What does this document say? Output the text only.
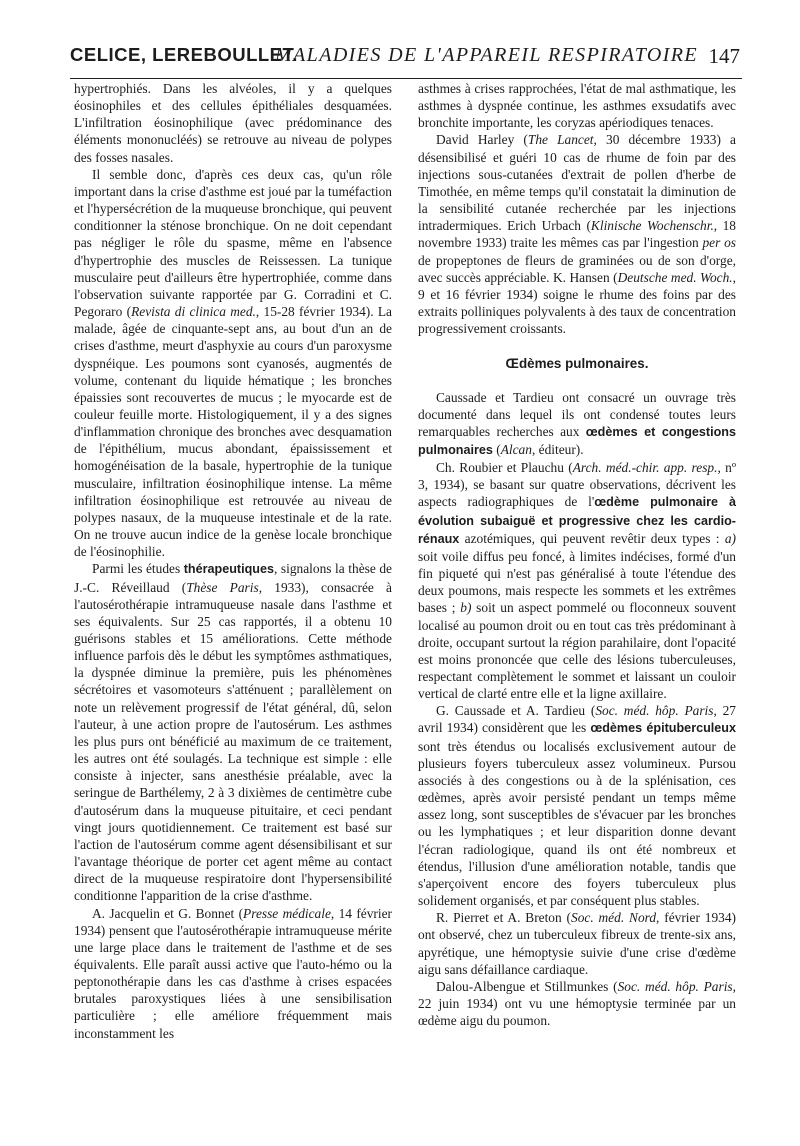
CELICE, LEREBOULLET.
MALADIES DE L'APPAREIL RESPIRATOIRE 147

hypertrophiés. Dans les alvéoles, il y a quelques éosinophiles et des cellules épithéliales desquamées. L'infiltration éosinophilique (avec prédominance des éléments mononucléés) se retrouve au niveau de polypes des fosses nasales.

Il semble donc, d'après ces deux cas, qu'un rôle important dans la crise d'asthme est joué par la tuméfaction et l'hypersécrétion de la muqueuse bronchique, qui peuvent conditionner la sténose bronchique. On ne doit cependant pas négliger le rôle du spasme, même en l'absence d'hypertrophie des muscles de Reissessen. La tunique musculaire peut d'ailleurs être hypertrophiée, comme dans l'observation suivante rapportée par G. Corradini et C. Pegoraro (Revista di clinica med., 15-28 février 1934). La malade, âgée de cinquante-sept ans, au bout d'un an de crises d'asthme, meurt d'asphyxie au cours d'un paroxysme dyspnéique. Les poumons sont cyanosés, augmentés de volume, contenant du liquide hématique ; les bronches épaissies sont recouvertes de mucus ; le myocarde est de couleur feuille morte. Histologiquement, il y a des signes d'inflammation chronique des bronches avec desquamation de l'épithélium, mucus abondant, épaississement et homogénéisation de la basale, hypertrophie de la tunique musculaire, infiltration éosinophilique intense. La même infiltration éosinophilique est retrouvée au niveau de polypes nasaux, de la muqueuse intestinale et de la rate. On ne trouve aucun indice de la genèse locale bronchique de l'éosinophilie.

Parmi les études thérapeutiques, signalons la thèse de J.-C. Réveillaud (Thèse Paris, 1933), consacrée à l'autosérothérapie intramuqueuse nasale dans l'asthme et ses équivalents. Sur 25 cas rapportés, il a obtenu 10 guérisons stables et 15 améliorations. Cette méthode influence parfois dès le début les symptômes asthmatiques, la dyspnée diminue la première, puis les phénomènes sécrétoires et vasomoteurs s'atténuent ; parallèlement on note un relèvement progressif de l'état général, dû, selon l'auteur, à une action propre de l'autosérum. Les asthmes les plus purs ont bénéficié au maximum de ce traitement, les autres ont été soulagés. La technique est simple : elle consiste à injecter, sans anesthésie préalable, avec la seringue de Barthélemy, 2 à 3 dixièmes de centimètre cube d'autosérum dans la muqueuse pituitaire, et ceci pendant vingt jours quotidiennement. Ce traitement est basé sur l'action de l'autosérum comme agent désensibilisant et sur l'avantage théorique de porter cet agent même au contact direct de la muqueuse respiratoire dont l'hypersensibilité conditionne l'apparition de la crise d'asthme.

A. Jacquelin et G. Bonnet (Presse médicale, 14 février 1934) pensent que l'autosérothérapie intramuqueuse mérite une large place dans le traitement de l'asthme et de ses équivalents. Elle paraît aussi active que l'auto-hémo ou la peptonothérapie dans les cas d'asthme à crises espacées brutales paroxystiques liées à une sensibilisation particulière ; elle améliore fréquemment mais inconstamment les

asthmes à crises rapprochées, l'état de mal asthmatique, les asthmes à dyspnée continue, les asthmes exsudatifs avec bronchite importante, les coryzas apériodiques tenaces.

David Harley (The Lancet, 30 décembre 1933) a désensibilisé et guéri 10 cas de rhume de foin par des injections sous-cutanées d'extrait de pollen d'herbe de Timothée, en même temps qu'il constatait la diminution de la sensibilité cutanée recherchée par les injections intradermiques. Erich Urbach (Klinische Wochenschr., 18 novembre 1933) traite les mêmes cas par l'ingestion per os de propeptones de fleurs de graminées ou de son d'orge, avec succès appréciable. K. Hansen (Deutsche med. Woch., 9 et 16 février 1934) soigne le rhume des foins par des extraits polliniques polyvalents à des taux de concentration progressivement croissants.

Œdèmes pulmonaires.

Caussade et Tardieu ont consacré un ouvrage très documenté dans lequel ils ont condensé toutes leurs remarquables recherches aux œdèmes et congestions pulmonaires (Alcan, éditeur).

Ch. Roubier et Plauchu (Arch. méd.-chir. app. resp., nº 3, 1934), se basant sur quatre observations, décrivent les aspects radiographiques de l'œdème pulmonaire à évolution subaiguë et progressive chez les cardio-rénaux azotémiques, qui peuvent revêtir deux types : a) soit voile diffus peu foncé, à limites indécises, formé d'un fin piqueté qui n'est pas généralisé à toute l'étendue des deux poumons, mais respecte les sommets et les extrêmes bases ; b) soit un aspect pommelé ou floconneux souvent localisé au poumon droit ou en tout cas très prédominant à droite, occupant surtout la région parahilaire, dont l'opacité est moins prononcée que celle des lésions tuberculeuses, respectant complètement le sommet et laissant un couloir vertical de clarté entre elle et la ligne axillaire.

G. Caussade et A. Tardieu (Soc. méd. hôp. Paris, 27 avril 1934) considèrent que les œdèmes épituberculeux sont très étendus ou localisés exclusivement autour de plusieurs foyers tuberculeux assez volumineux. Pursou associés à des congestions ou à de la splénisation, ces œdèmes, après avoir persisté pendant un temps même assez long, sont susceptibles de s'évacuer par les bronches ou les lymphatiques ; et leur disparition donne devant l'écran radiologique, quand ils ont été nombreux et étendus, l'illusion d'une amélioration notable, tandis que s'aperçoivent encore des foyers tuberculeux plus solidement organisés, et par conséquent plus stables.

R. Pierret et A. Breton (Soc. méd. Nord, février 1934) ont observé, chez un tuberculeux fibreux de trente-six ans, apyrétique, une hémoptysie suivie d'une crise d'œdème aigu sans défaillance cardiaque.

Dalou-Albengue et Stillmunkes (Soc. méd. hôp. Paris, 22 juin 1934) ont vu une hémoptysie terminée par un œdème aigu du poumon.
